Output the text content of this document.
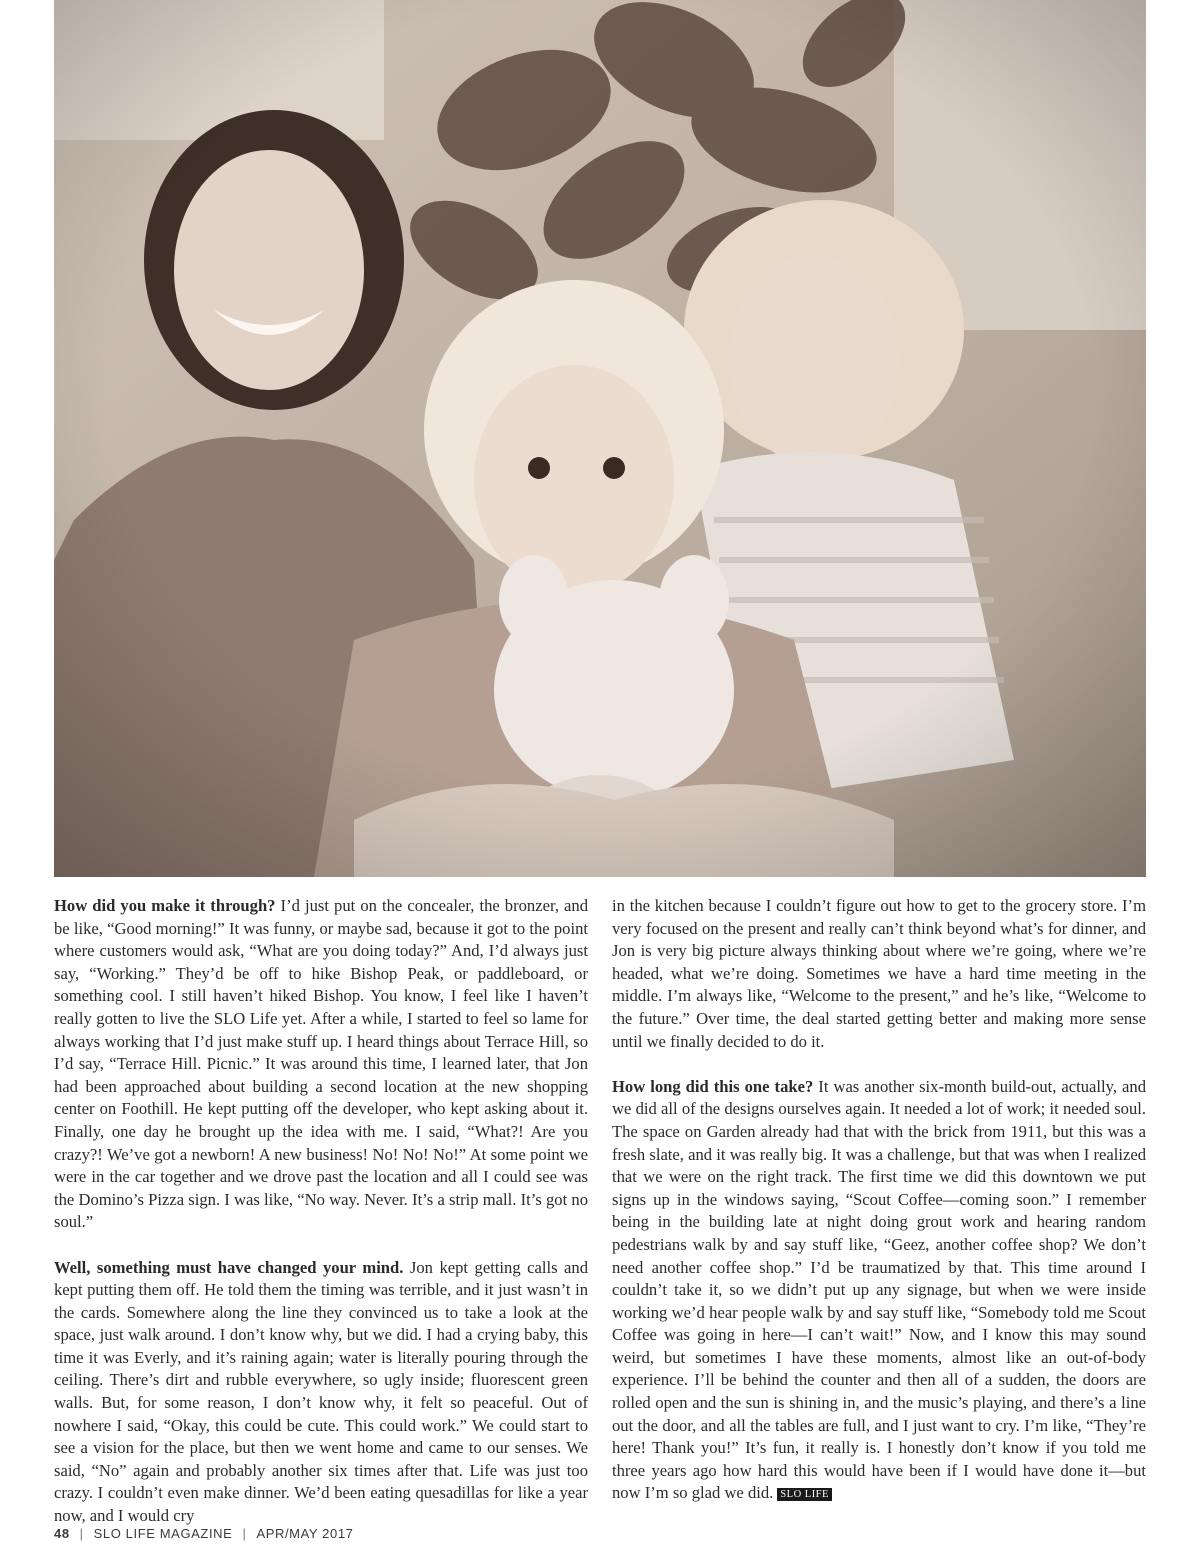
How did you make it through? I’d just put on the concealer, the bronzer, and be like, “Good morning!” It was funny, or maybe sad, because it got to the point where customers would ask, “What are you doing today?” And, I’d always just say, “Working.” They’d be off to hike Bishop Peak, or paddleboard, or something cool. I still haven’t hiked Bishop. You know, I feel like I haven’t really gotten to live the SLO Life yet. After a while, I started to feel so lame for always working that I’d just make stuff up. I heard things about Terrace Hill, so I’d say, “Terrace Hill. Picnic.” It was around this time, I learned later, that Jon had been approached about building a second location at the new shopping center on Foothill. He kept putting off the developer, who kept asking about it. Finally, one day he brought up the idea with me. I said, “What?! Are you crazy?! We’ve got a newborn! A new business! No! No! No!” At some point we were in the car together and we drove past the location and all I could see was the Domino’s Pizza sign. I was like, “No way. Never. It’s a strip mall. It’s got no soul.”

Well, something must have changed your mind. Jon kept getting calls and kept putting them off. He told them the timing was terrible, and it just wasn’t in the cards. Somewhere along the line they convinced us to take a look at the space, just walk around. I don’t know why, but we did. I had a crying baby, this time it was Everly, and it’s raining again; water is literally pouring through the ceiling. There’s dirt and rubble everywhere, so ugly inside; fluorescent green walls. But, for some reason, I don’t know why, it felt so peaceful. Out of nowhere I said, “Okay, this could be cute. This could work.” We could start to see a vision for the place, but then we went home and came to our senses. We said, “No” again and probably another six times after that. Life was just too crazy. I couldn’t even make dinner. We’d been eating quesadillas for like a year now, and I would cry

in the kitchen because I couldn’t figure out how to get to the grocery store. I’m very focused on the present and really can’t think beyond what’s for dinner, and Jon is very big picture always thinking about where we’re going, where we’re headed, what we’re doing. Sometimes we have a hard time meeting in the middle. I’m always like, “Welcome to the present,” and he’s like, “Welcome to the future.” Over time, the deal started getting better and making more sense until we finally decided to do it.

How long did this one take? It was another six-month build-out, actually, and we did all of the designs ourselves again. It needed a lot of work; it needed soul. The space on Garden already had that with the brick from 1911, but this was a fresh slate, and it was really big. It was a challenge, but that was when I realized that we were on the right track. The first time we did this downtown we put signs up in the windows saying, “Scout Coffee—coming soon.” I remember being in the building late at night doing grout work and hearing random pedestrians walk by and say stuff like, “Geez, another coffee shop? We don’t need another coffee shop.” I’d be traumatized by that. This time around I couldn’t take it, so we didn’t put up any signage, but when we were inside working we’d hear people walk by and say stuff like, “Somebody told me Scout Coffee was going in here—I can’t wait!” Now, and I know this may sound weird, but sometimes I have these moments, almost like an out-of-body experience. I’ll be behind the counter and then all of a sudden, the doors are rolled open and the sun is shining in, and the music’s playing, and there’s a line out the door, and all the tables are full, and I just want to cry. I’m like, “They’re here! Thank you!” It’s fun, it really is. I honestly don’t know if you told me three years ago how hard this would have been if I would have done it—but now I’m so glad we did. SLO LIFE

48 | SLO LIFE MAGAZINE | APR/MAY 2017
